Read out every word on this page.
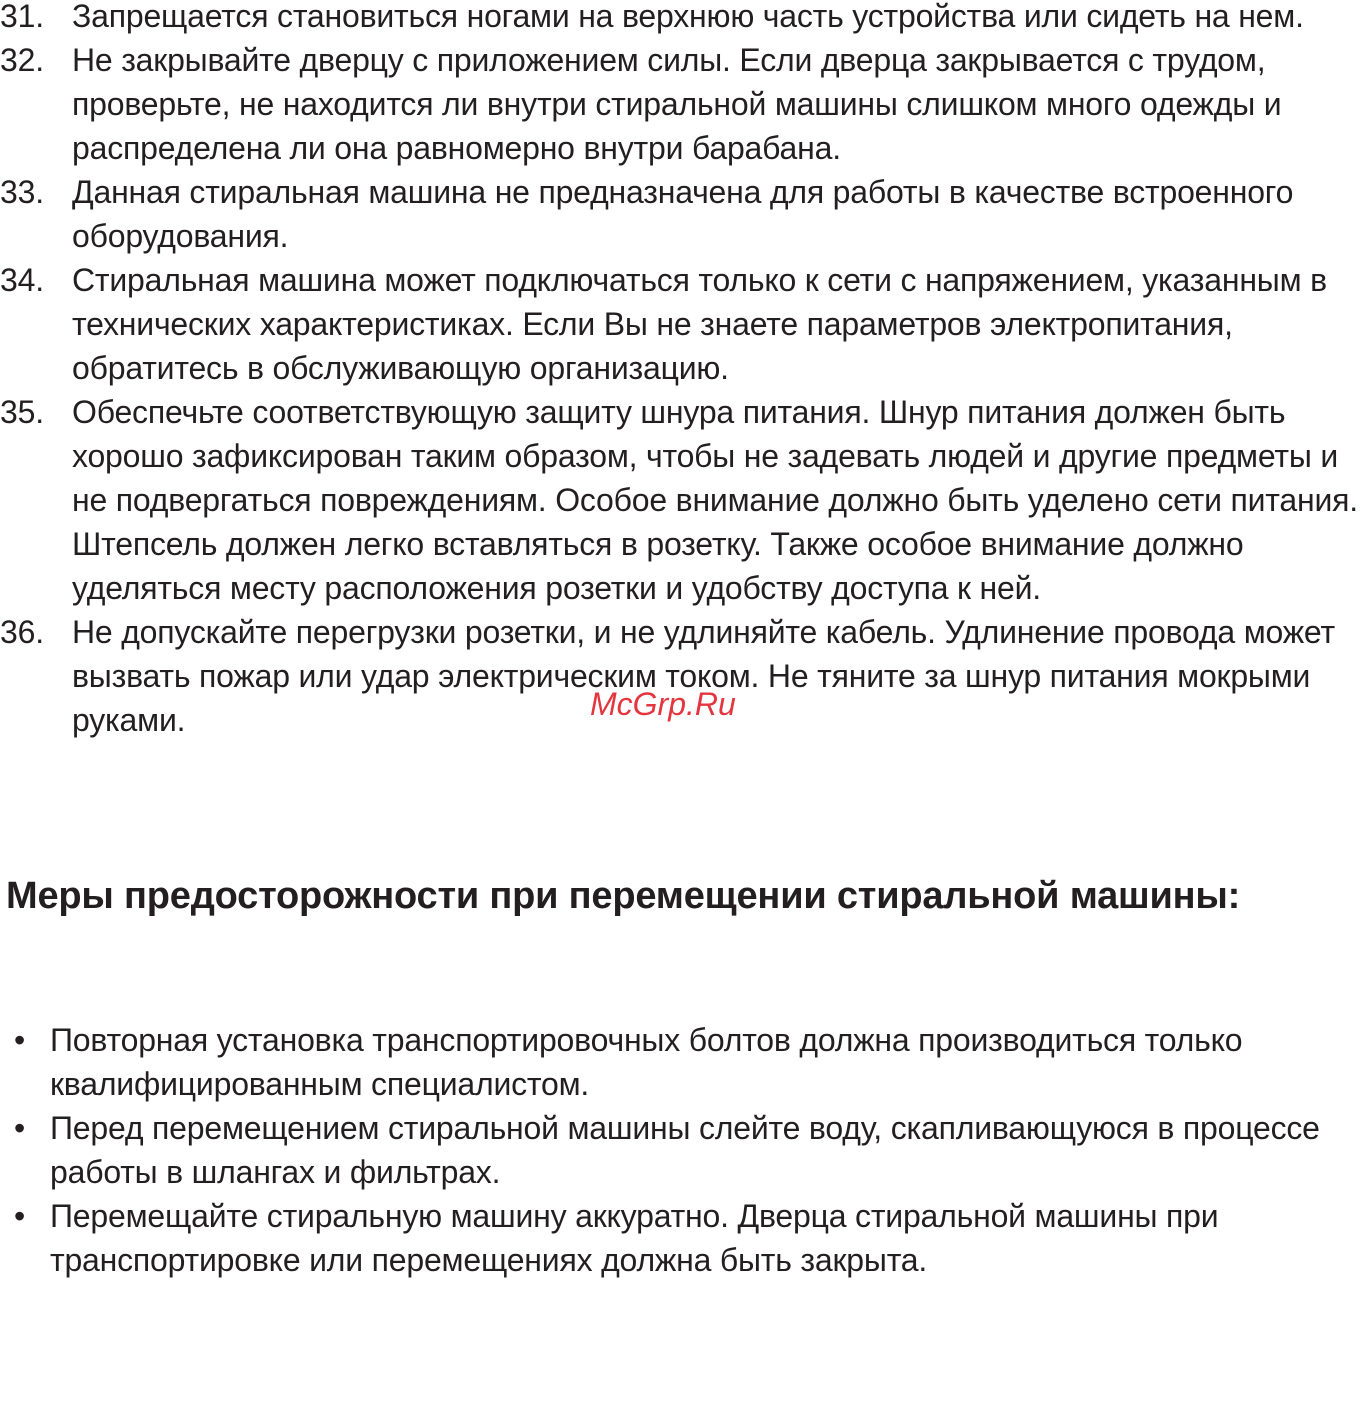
31. Запрещается становиться ногами на верхнюю часть устройства или сидеть на нем.
32. Не закрывайте дверцу с приложением силы. Если дверца закрывается с трудом, проверьте, не находится ли внутри стиральной машины слишком много одежды и распределена ли она равномерно внутри барабана.
33. Данная стиральная машина не предназначена для работы в качестве встроенного оборудования.
34. Стиральная машина может подключаться только к сети с напряжением, указанным в технических характеристиках. Если Вы не знаете параметров электропитания, обратитесь в обслуживающую организацию.
35. Обеспечьте соответствующую защиту шнура питания. Шнур питания должен быть хорошо зафиксирован таким образом, чтобы не задевать людей и другие предметы и не подвергаться повреждениям. Особое внимание должно быть уделено сети питания. Штепсель должен легко вставляться в розетку. Также особое внимание должно уделяться месту расположения розетки и удобству доступа к ней.
36. Не допускайте перегрузки розетки, и не удлиняйте кабель. Удлинение провода может вызвать пожар или удар электрическим током. Не тяните за шнур питания мокрыми руками.
Меры предосторожности при перемещении стиральной машины:
• Повторная установка транспортировочных болтов должна производиться только квалифицированным специалистом.
• Перед перемещением стиральной машины слейте воду, скапливающуюся в процессе работы в шлангах и фильтрах.
• Перемещайте стиральную машину аккуратно. Дверца стиральной машины при транспортировке или перемещениях должна быть закрыта.
McGrp.Ru
